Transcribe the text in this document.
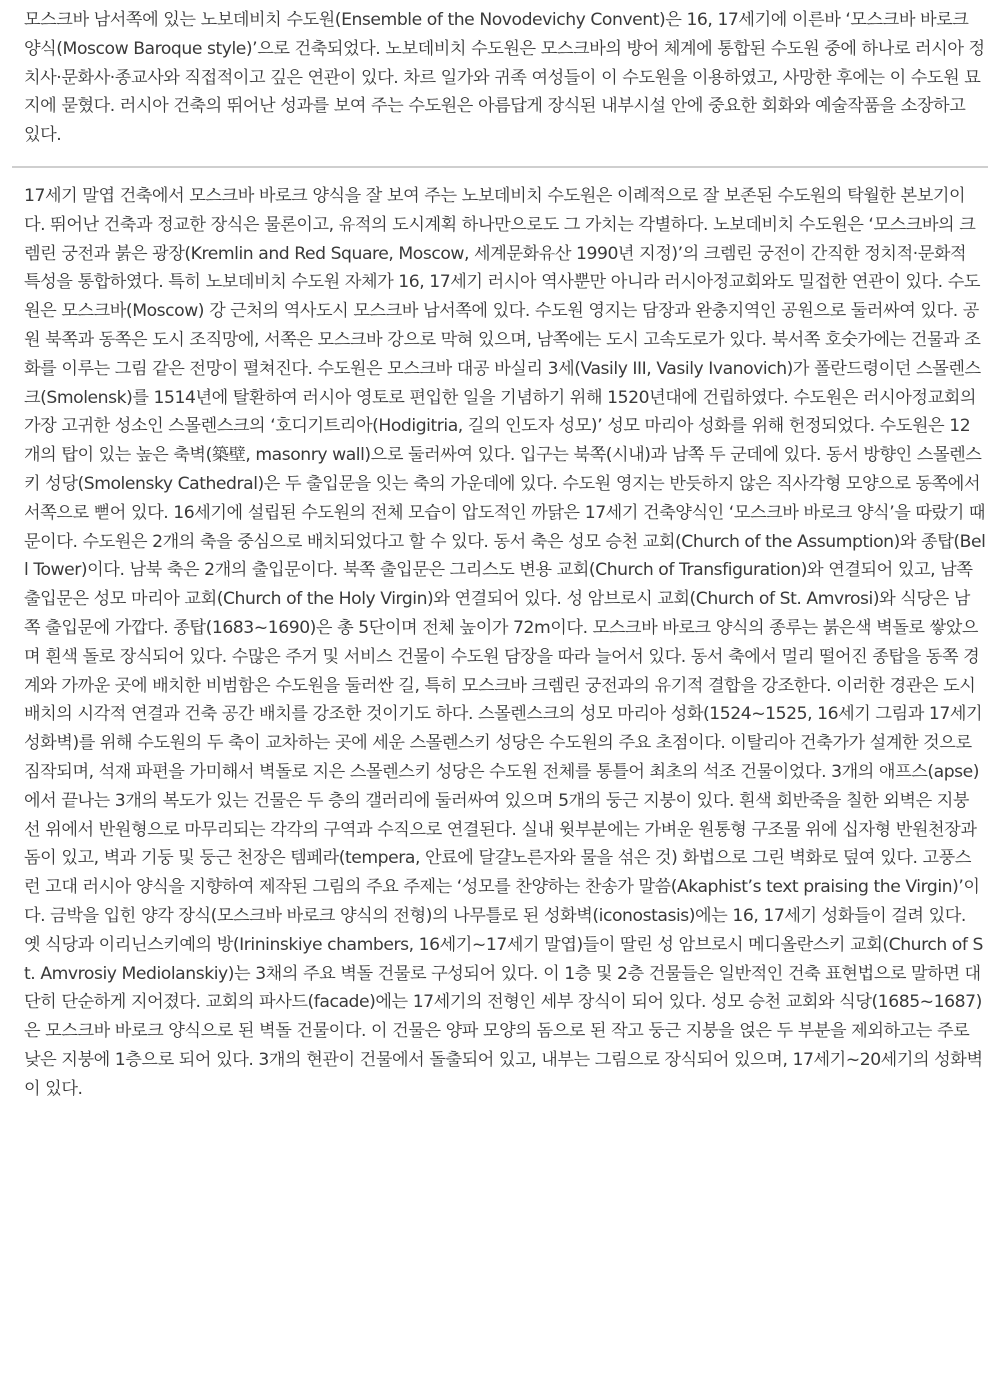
모스크바 남서쪽에 있는 노보데비치 수도원(Ensemble of the Novodevichy Convent)은 16, 17세기에 이른바 ‘모스크바 바로크 양식(Moscow Baroque style)’으로 건축되었다. 노보데비치 수도원은 모스크바의 방어 체계에 통합된 수도원 중에 하나로 러시아 정치사·문화사·종교사와 직접적이고 깊은 연관이 있다. 차르 일가와 귀족 여성들이 이 수도원을 이용하였고, 사망한 후에는 이 수도원 묘지에 묻혔다. 러시아 건축의 뛰어난 성과를 보여 주는 수도원은 아름답게 장식된 내부시설 안에 중요한 회화와 예술작품을 소장하고 있다.
17세기 말엽 건축에서 모스크바 바로크 양식을 잘 보여 주는 노보데비치 수도원은 이례적으로 잘 보존된 수도원의 탁월한 본보기이다. 뛰어난 건축과 정교한 장식은 물론이고, 유적의 도시계획 하나만으로도 그 가치는 각별하다. 노보데비치 수도원은 ‘모스크바의 크렘린 궁전과 붉은 광장(Kremlin and Red Square, Moscow, 세계문화유산 1990년 지정)’의 크렘린 궁전이 간직한 정치적·문화적 특성을 통합하였다. 특히 노보데비치 수도원 자체가 16, 17세기 러시아 역사뿐만 아니라 러시아정교회와도 밀접한 연관이 있다. 수도원은 모스크바(Moscow) 강 근처의 역사도시 모스크바 남서쪽에 있다. 수도원 영지는 담장과 완충지역인 공원으로 둘러싸여 있다. 공원 북쪽과 동쪽은 도시 조직망에, 서쪽은 모스크바 강으로 막혀 있으며, 남쪽에는 도시 고속도로가 있다. 북서쪽 호숫가에는 건물과 조화를 이루는 그림 같은 전망이 펼쳐진다. 수도원은 모스크바 대공 바실리 3세(Vasily III, Vasily Ivanovich)가 폴란드령이던 스몰렌스크(Smolensk)를 1514년에 탈환하여 러시아 영토로 편입한 일을 기념하기 위해 1520년대에 건립하였다. 수도원은 러시아정교회의 가장 고귀한 성소인 스몰렌스크의 ‘호디기트리아(Hodigitria, 길의 인도자 성모)’ 성모 마리아 성화를 위해 헌정되었다. 수도원은 12개의 탑이 있는 높은 축벽(築壁, masonry wall)으로 둘러싸여 있다. 입구는 북쪽(시내)과 남쪽 두 군데에 있다. 동서 방향인 스몰렌스키 성당(Smolensky Cathedral)은 두 출입문을 잇는 축의 가운데에 있다. 수도원 영지는 반듯하지 않은 직사각형 모양으로 동쪽에서 서쪽으로 뻗어 있다. 16세기에 설립된 수도원의 전체 모습이 압도적인 까닭은 17세기 건축양식인 ‘모스크바 바로크 양식’을 따랐기 때문이다. 수도원은 2개의 축을 중심으로 배치되었다고 할 수 있다. 동서 축은 성모 승천 교회(Church of the Assumption)와 종탑(Bell Tower)이다. 남북 축은 2개의 출입문이다. 북쪽 출입문은 그리스도 변용 교회(Church of Transfiguration)와 연결되어 있고, 남쪽 출입문은 성모 마리아 교회(Church of the Holy Virgin)와 연결되어 있다. 성 암브로시 교회(Church of St. Amvrosi)와 식당은 남쪽 출입문에 가깝다. 종탑(1683~1690)은 총 5단이며 전체 높이가 72m이다. 모스크바 바로크 양식의 종루는 붉은색 벽돌로 쌓았으며 흰색 돌로 장식되어 있다. 수많은 주거 및 서비스 건물이 수도원 담장을 따라 늘어서 있다. 동서 축에서 멀리 떨어진 종탑을 동쪽 경계와 가까운 곳에 배치한 비범함은 수도원을 둘러싼 길, 특히 모스크바 크렘린 궁전과의 유기적 결합을 강조한다. 이러한 경관은 도시 배치의 시각적 연결과 건축 공간 배치를 강조한 것이기도 하다. 스몰렌스크의 성모 마리아 성화(1524~1525, 16세기 그림과 17세기 성화벽)를 위해 수도원의 두 축이 교차하는 곳에 세운 스몰렌스키 성당은 수도원의 주요 초점이다. 이탈리아 건축가가 설계한 것으로 짐작되며, 석재 파편을 가미해서 벽돌로 지은 스몰렌스키 성당은 수도원 전체를 통틀어 최초의 석조 건물이었다. 3개의 애프스(apse)에서 끝나는 3개의 복도가 있는 건물은 두 층의 갤러리에 둘러싸여 있으며 5개의 둥근 지붕이 있다. 흰색 회반죽을 칠한 외벽은 지붕 선 위에서 반원형으로 마무리되는 각각의 구역과 수직으로 연결된다. 실내 윗부분에는 가벼운 원통형 구조물 위에 십자형 반원천장과 돔이 있고, 벽과 기둥 및 둥근 천장은 템페라(tempera, 안료에 달걀노른자와 물을 섞은 것) 화법으로 그린 벽화로 덮여 있다. 고풍스런 고대 러시아 양식을 지향하여 제작된 그림의 주요 주제는 ‘성모를 찬양하는 찬송가 말씀(Akaphist’s text praising the Virgin)’이다. 금박을 입힌 양각 장식(모스크바 바로크 양식의 전형)의 나무틀로 된 성화벽(iconostasis)에는 16, 17세기 성화들이 걸려 있다. 옛 식당과 이리닌스키예의 방(Irininskiye chambers, 16세기~17세기 말엽)들이 딸린 성 암브로시 메디올란스키 교회(Church of St. Amvrosiy Mediolanskiy)는 3채의 주요 벽돌 건물로 구성되어 있다. 이 1층 및 2층 건물들은 일반적인 건축 표현법으로 말하면 대단히 단순하게 지어졌다. 교회의 파사드(facade)에는 17세기의 전형인 세부 장식이 되어 있다. 성모 승천 교회와 식당(1685~1687)은 모스크바 바로크 양식으로 된 벽돌 건물이다. 이 건물은 양파 모양의 돔으로 된 작고 둥근 지붕을 얹은 두 부분을 제외하고는 주로 낮은 지붕에 1층으로 되어 있다. 3개의 현관이 건물에서 돌출되어 있고, 내부는 그림으로 장식되어 있으며, 17세기~20세기의 성화벽이 있다.
